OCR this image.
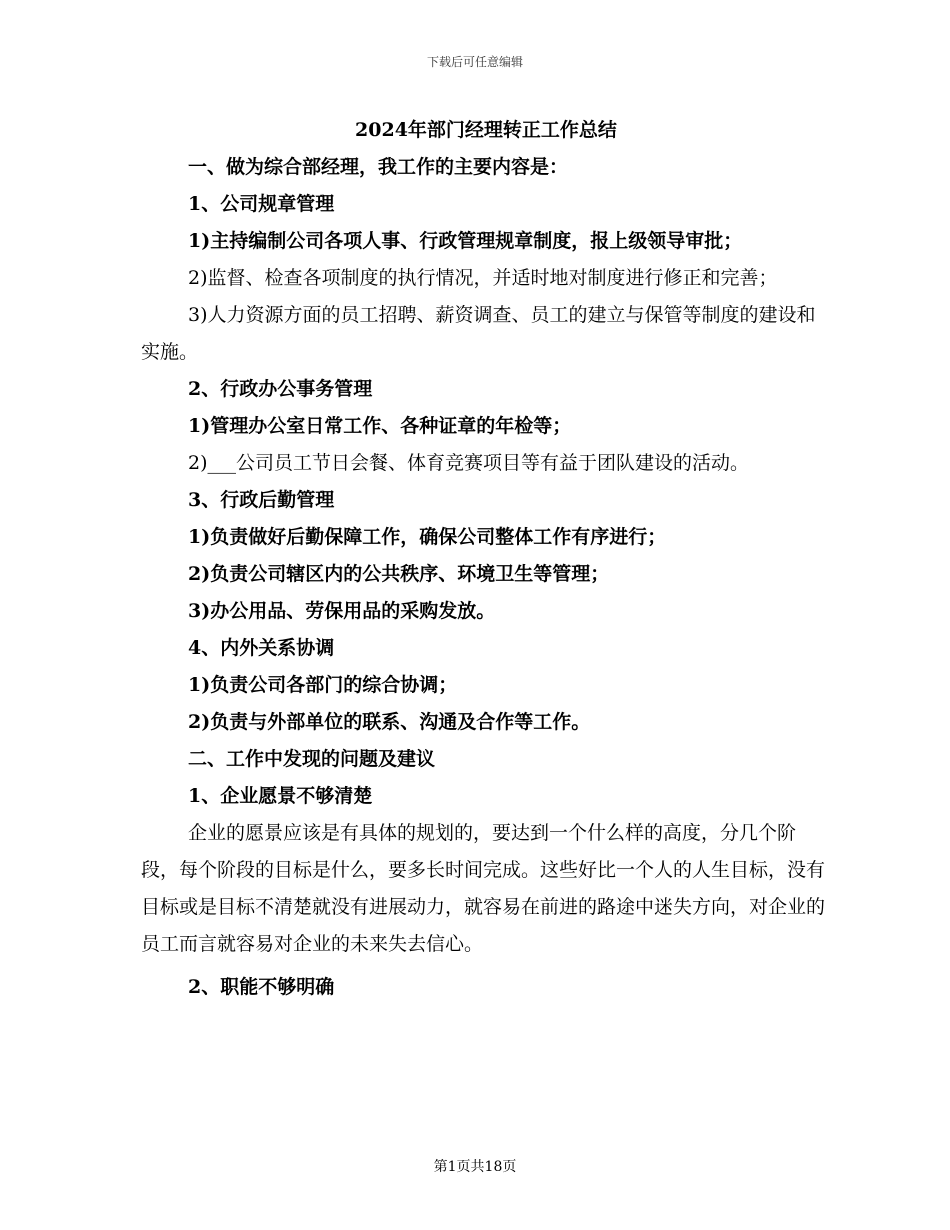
下载后可任意编辑

2024年部门经理转正工作总结

一、做为综合部经理，我工作的主要内容是：

1、公司规章管理

1)主持编制公司各项人事、行政管理规章制度，报上级领导审批；

2)监督、检查各项制度的执行情况，并适时地对制度进行修正和完善；

3)人力资源方面的员工招聘、薪资调查、员工的建立与保管等制度的建设和实施。

2、行政办公事务管理

1)管理办公室日常工作、各种证章的年检等；

2)___公司员工节日会餐、体育竞赛项目等有益于团队建设的活动。

3、行政后勤管理

1)负责做好后勤保障工作，确保公司整体工作有序进行；

2)负责公司辖区内的公共秩序、环境卫生等管理；

3)办公用品、劳保用品的采购发放。

4、内外关系协调

1)负责公司各部门的综合协调；

2)负责与外部单位的联系、沟通及合作等工作。

二、工作中发现的问题及建议

1、企业愿景不够清楚

企业的愿景应该是有具体的规划的，要达到一个什么样的高度，分几个阶段，每个阶段的目标是什么，要多长时间完成。这些好比一个人的人生目标，没有目标或是目标不清楚就没有进展动力，就容易在前进的路途中迷失方向，对企业的员工而言就容易对企业的未来失去信心。

2、职能不够明确

第1页共18页
